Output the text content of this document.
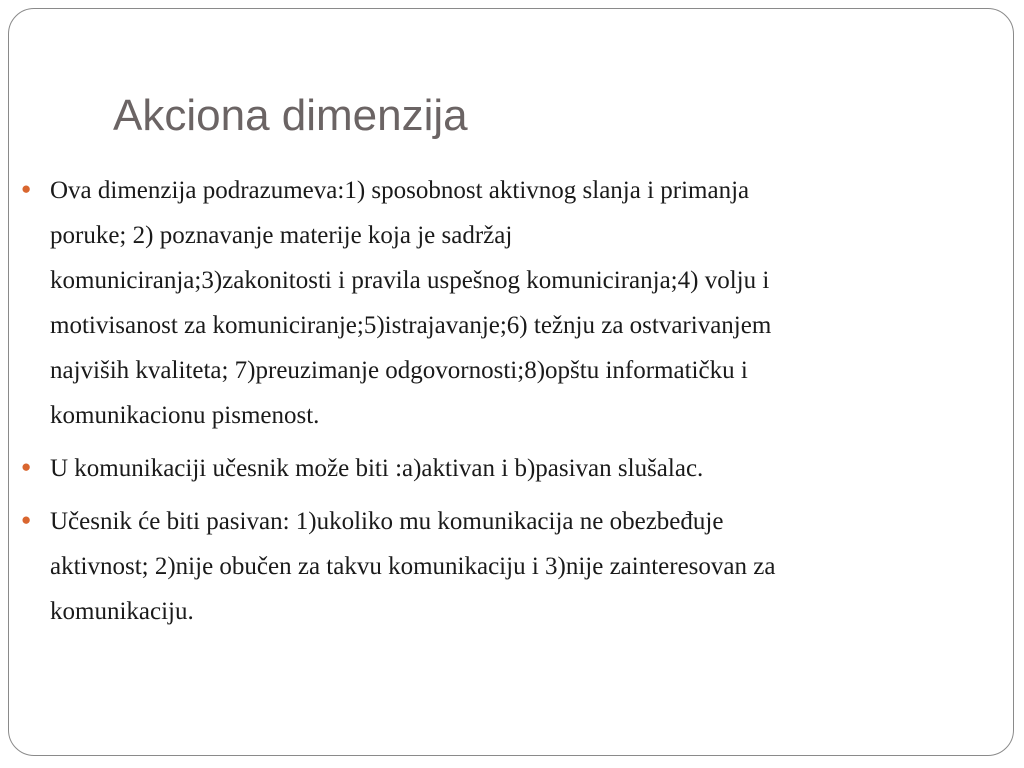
Akciona dimenzija
● Ova dimenzija podrazumeva:1) sposobnost aktivnog slanja i primanja
poruke; 2) poznavanje materije koja je sadržaj
komuniciranja;3)zakonitosti i pravila uspešnog komuniciranja;4) volju i
motivisanost za komuniciranje;5)istrajavanje;6) težnju za ostvarivanjem
najviših kvaliteta; 7)preuzimanje odgovornosti;8)opštu informatičku i
komunikacionu pismenost.
● U komunikaciji učesnik može biti :a)aktivan i b)pasivan slušalac.
● Učesnik će biti pasivan: 1)ukoliko mu komunikacija ne obezbeđuje
aktivnost; 2)nije obučen za takvu komunikaciju i 3)nije zainteresovan za
komunikaciju.
